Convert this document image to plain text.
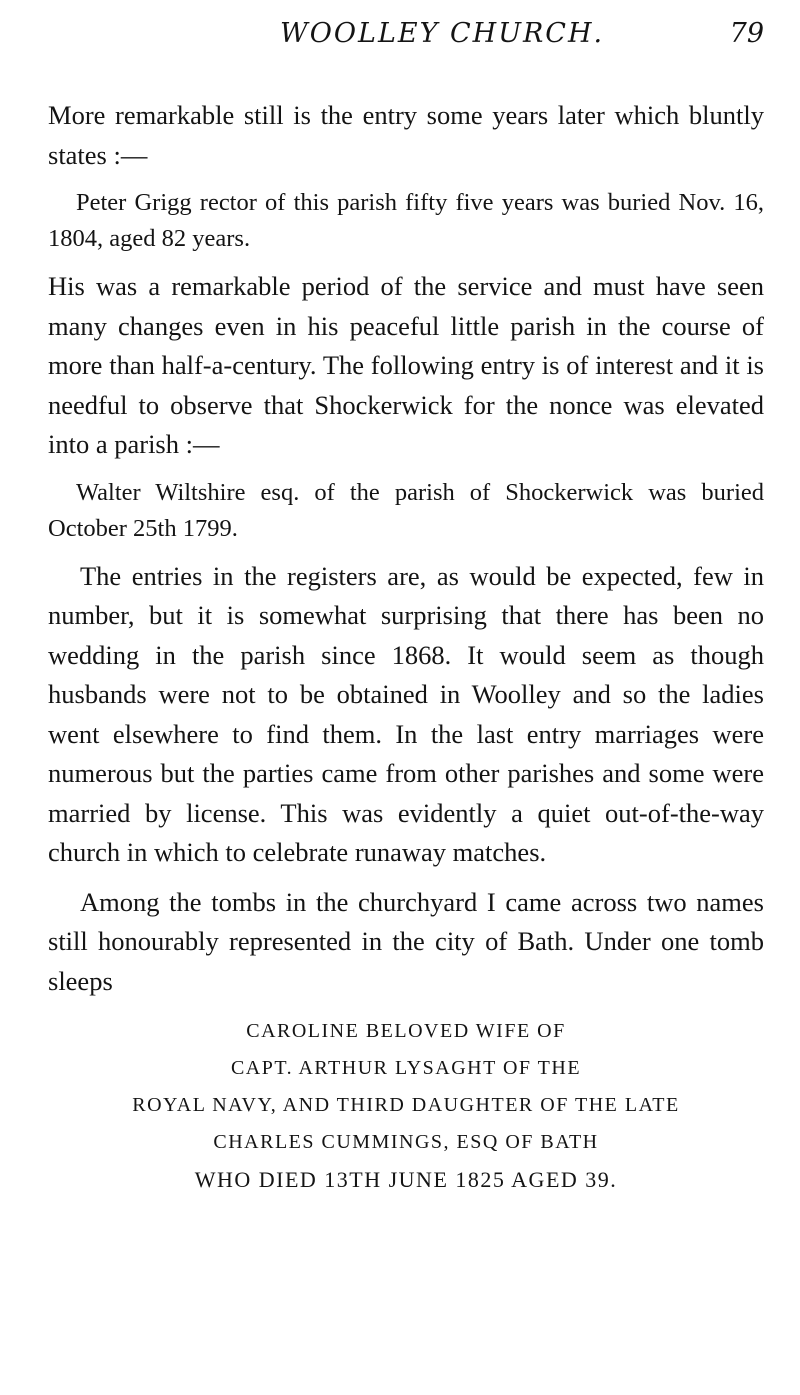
WOOLLEY CHURCH.	79

More remarkable still is the entry some years later which bluntly states :—

Peter Grigg rector of this parish fifty five years was buried Nov. 16, 1804, aged 82 years.

His was a remarkable period of the service and must have seen many changes even in his peaceful little parish in the course of more than half-a-century. The following entry is of interest and it is needful to observe that Shockerwick for the nonce was elevated into a parish :—

Walter Wiltshire esq. of the parish of Shockerwick was buried October 25th 1799.

The entries in the registers are, as would be expected, few in number, but it is somewhat surprising that there has been no wedding in the parish since 1868. It would seem as though husbands were not to be obtained in Woolley and so the ladies went elsewhere to find them. In the last entry marriages were numerous but the parties came from other parishes and some were married by license. This was evidently a quiet out-of-the-way church in which to celebrate runaway matches.

Among the tombs in the churchyard I came across two names still honourably represented in the city of Bath. Under one tomb sleeps

CAROLINE BELOVED WIFE OF
CAPT. ARTHUR LYSAGHT OF THE
ROYAL NAVY, AND THIRD DAUGHTER OF THE LATE
CHARLES CUMMINGS, ESQ OF BATH
WHO DIED 13TH JUNE 1825 AGED 39.
